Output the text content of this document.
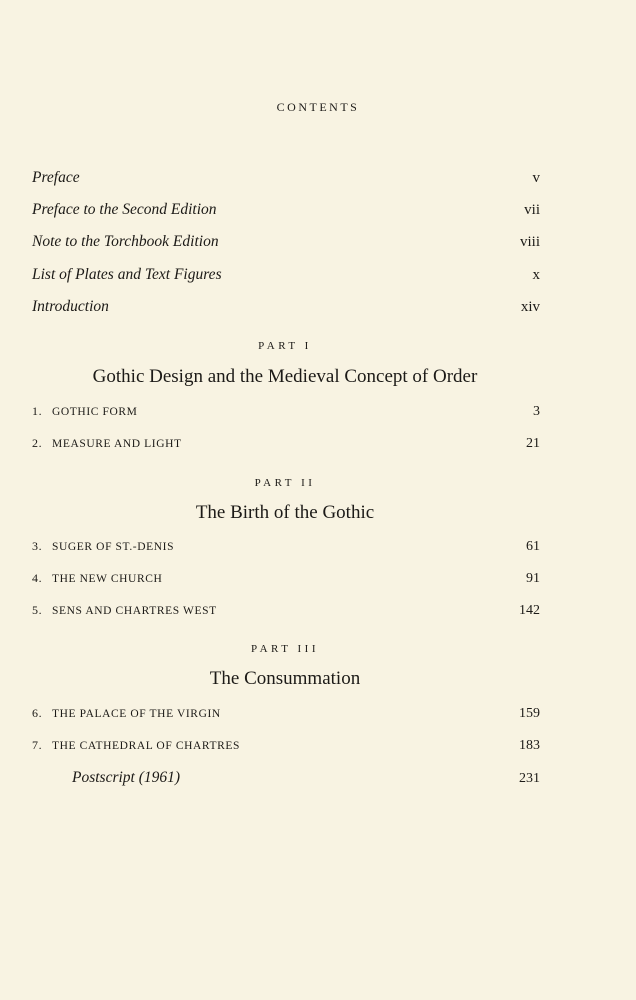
CONTENTS
Preface	v
Preface to the Second Edition	vii
Note to the Torchbook Edition	viii
List of Plates and Text Figures	x
Introduction	xiv
PART I
Gothic Design and the Medieval Concept of Order
1. GOTHIC FORM	3
2. MEASURE AND LIGHT	21
PART II
The Birth of the Gothic
3. SUGER OF ST.-DENIS	61
4. THE NEW CHURCH	91
5. SENS AND CHARTRES WEST	142
PART III
The Consummation
6. THE PALACE OF THE VIRGIN	159
7. THE CATHEDRAL OF CHARTRES	183
Postscript (1961)	231
